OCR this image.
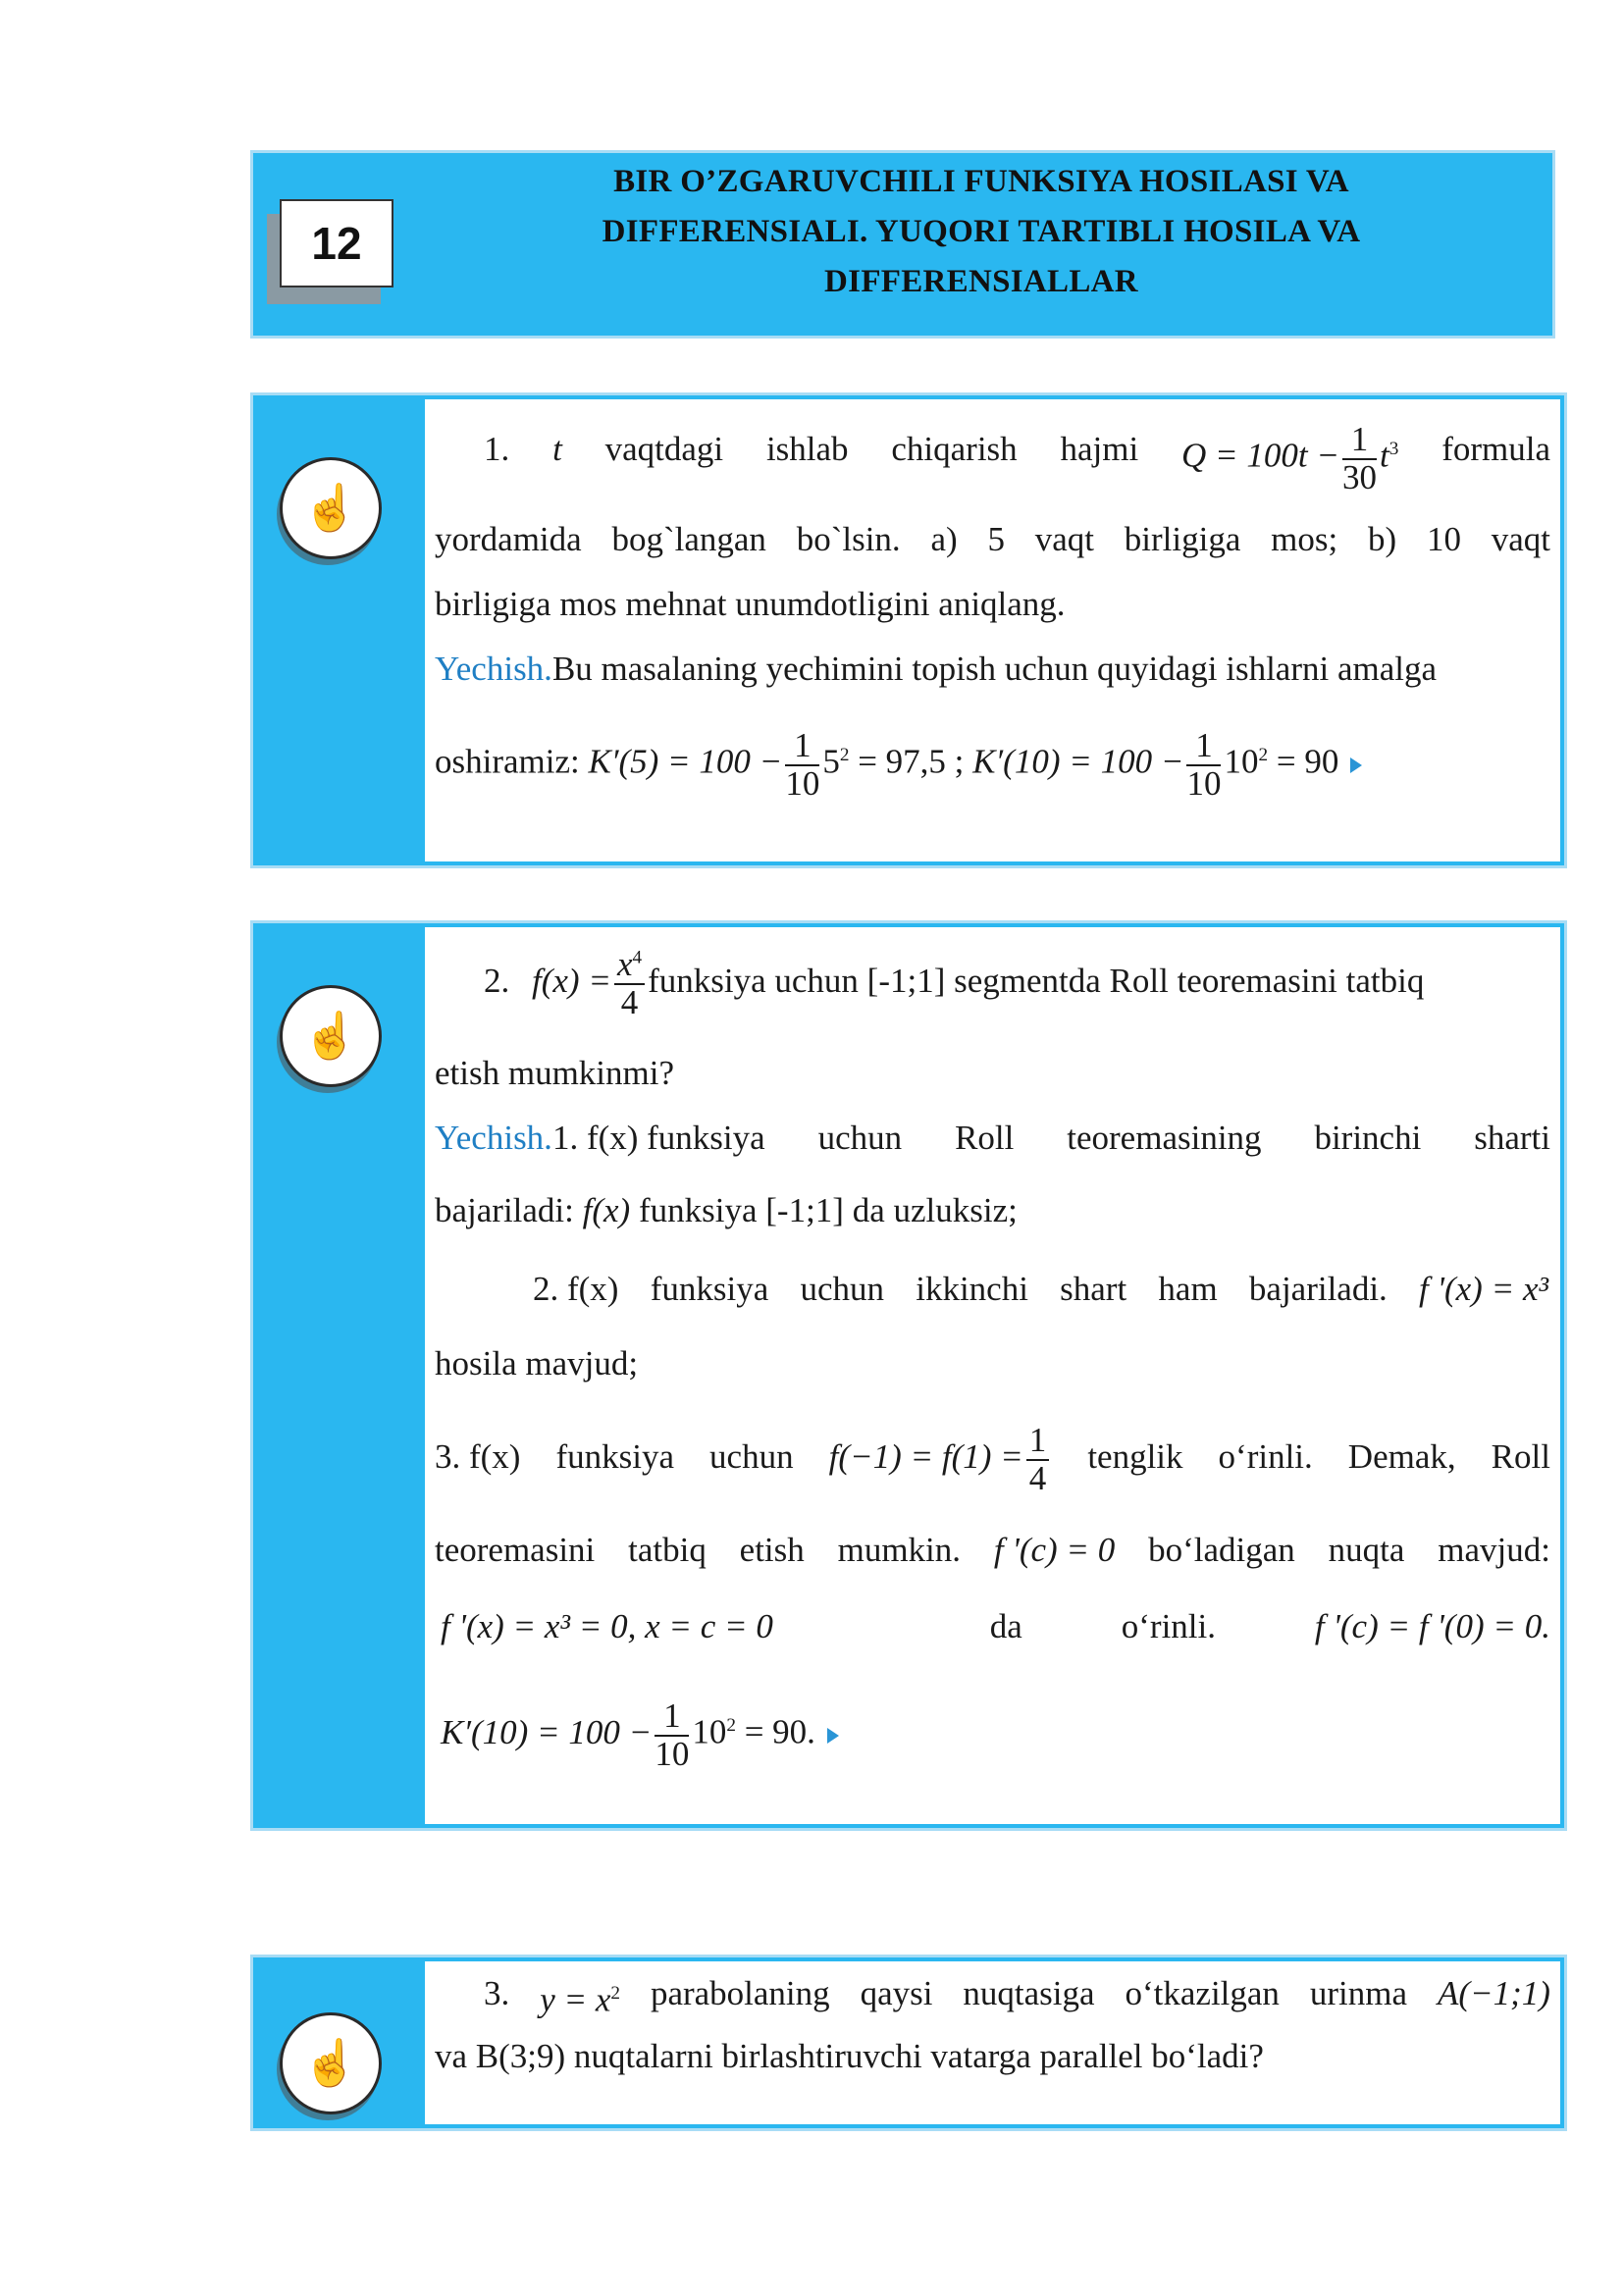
12
BIR O’ZGARUVCHILI FUNKSIYA HOSILASI VA
DIFFERENSIALI. YUQORI TARTIBLI HOSILA VA
DIFFERENSIALLAR
☝
1. t vaqtdagi ishlab chiqarish hajmi $Q = 100t - \frac{1}{30} t^3$ formula
yordamida bog`langan bo`lsin. a) 5 vaqt birligiga mos; b) 10 vaqt
birligiga mos mehnat unumdotligini aniqlang.
Yechish.Bu masalaning yechimini topish uchun quyidagi ishlarni amalga
oshiramiz: $K'(5) = 100 - \frac{1}{10} 5^2 = 97,5$ ; $K'(10) = 100 - \frac{1}{10} 10^2 = 90$
☝
2. $f(x) = \frac{x^4}{4}$ funksiya uchun [-1;1] segmentda Roll teoremasini tatbiq
etish mumkinmi?
Yechish.1. f(x) funksiya uchun Roll teoremasining birinchi sharti
bajariladi: f(x) funksiya [-1;1] da uzluksiz;
2. f(x) funksiya uchun ikkinchi shart ham bajariladi. f '(x) = x³
hosila mavjud;
3. f(x) funksiya uchun $f(-1) = f(1) = \frac{1}{4}$ tenglik o‘rinli. Demak, Roll
teoremasini tatbiq etish mumkin. f '(c) = 0 bo‘ladigan nuqta mavjud:
f '(x) = x³ = 0, x = c = 0	da	o‘rinli.	f '(c) = f '(0) = 0.
$K'(10) = 100 - \frac{1}{10} 10^2 = 90$.
☝
3. $y = x^2$ parabolaning qaysi nuqtasiga o‘tkazilgan urinma A(−1;1)
va B(3;9) nuqtalarni birlashtiruvchi vatarga parallel bo‘ladi?
